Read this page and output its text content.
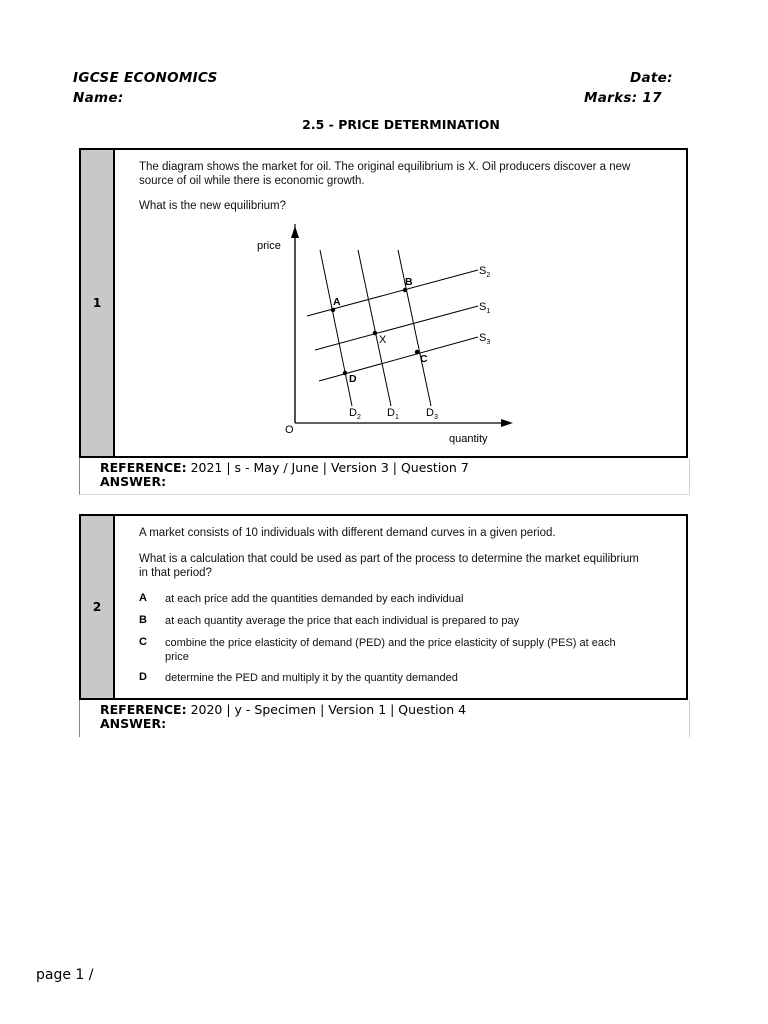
IGCSE ECONOMICS
Name:
Date:
Marks: 17
2.5 - PRICE DETERMINATION
1
The diagram shows the market for oil. The original equilibrium is X. Oil producers discover a new
source of oil while there is economic growth.
What is the new equilibrium?
price
quantity
O
A
B
X
C
D
$S_2$
$S_1$
$S_3$
$D_2$ $D_1$ $D_3$
REFERENCE: 2021 | s - May / June | Version 3 | Question 7
ANSWER:
2
A market consists of 10 individuals with different demand curves in a given period.
What is a calculation that could be used as part of the process to determine the market equilibrium
in that period?
A at each price add the quantities demanded by each individual
B at each quantity average the price that each individual is prepared to pay
C combine the price elasticity of demand (PED) and the price elasticity of supply (PES) at each
price
D determine the PED and multiply it by the quantity demanded
REFERENCE: 2020 | y - Specimen | Version 1 | Question 4
ANSWER:
page 1 /
